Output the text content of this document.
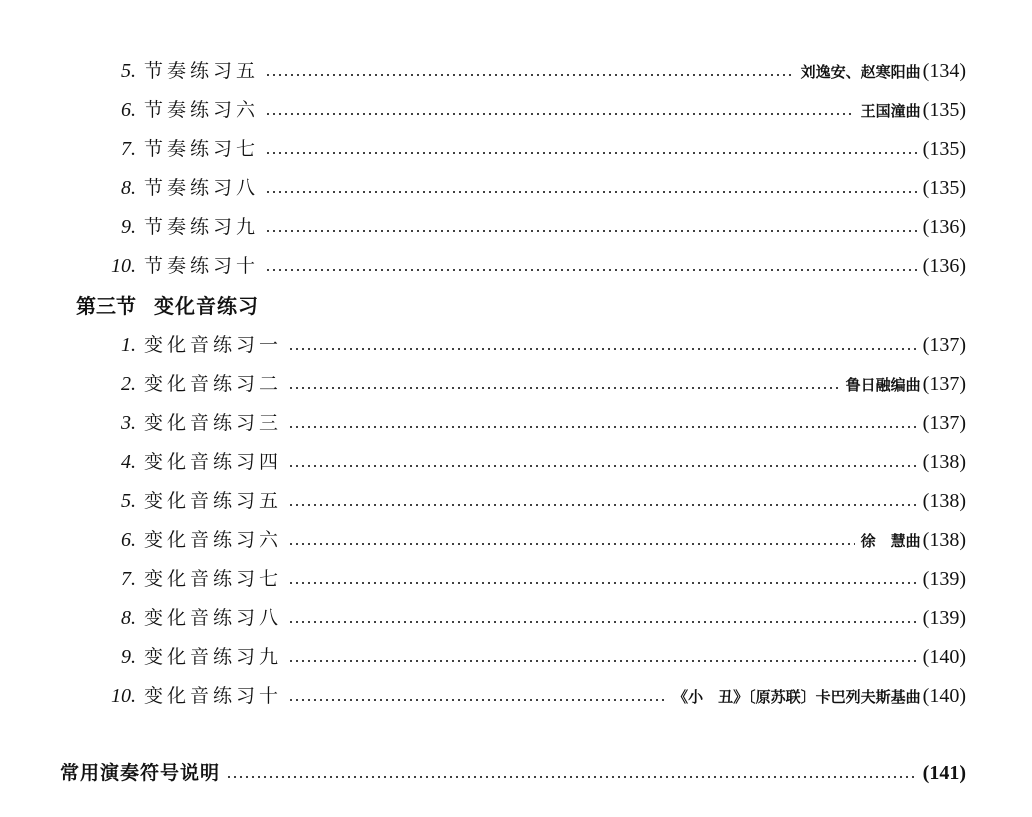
5. 节奏练习五	刘逸安、赵寒阳曲 (134)
6. 节奏练习六	王国潼曲 (135)
7. 节奏练习七	(135)
8. 节奏练习八	(135)
9. 节奏练习九	(136)
10. 节奏练习十	(136)
第三节 变化音练习
1. 变化音练习一	(137)
2. 变化音练习二	鲁日融编曲 (137)
3. 变化音练习三	(137)
4. 变化音练习四	(138)
5. 变化音练习五	(138)
6. 变化音练习六	徐　慧曲 (138)
7. 变化音练习七	(139)
8. 变化音练习八	(139)
9. 变化音练习九	(140)
10. 变化音练习十	《小　丑》〔原苏联〕卡巴列夫斯基曲 (140)
常用演奏符号说明	(141)
